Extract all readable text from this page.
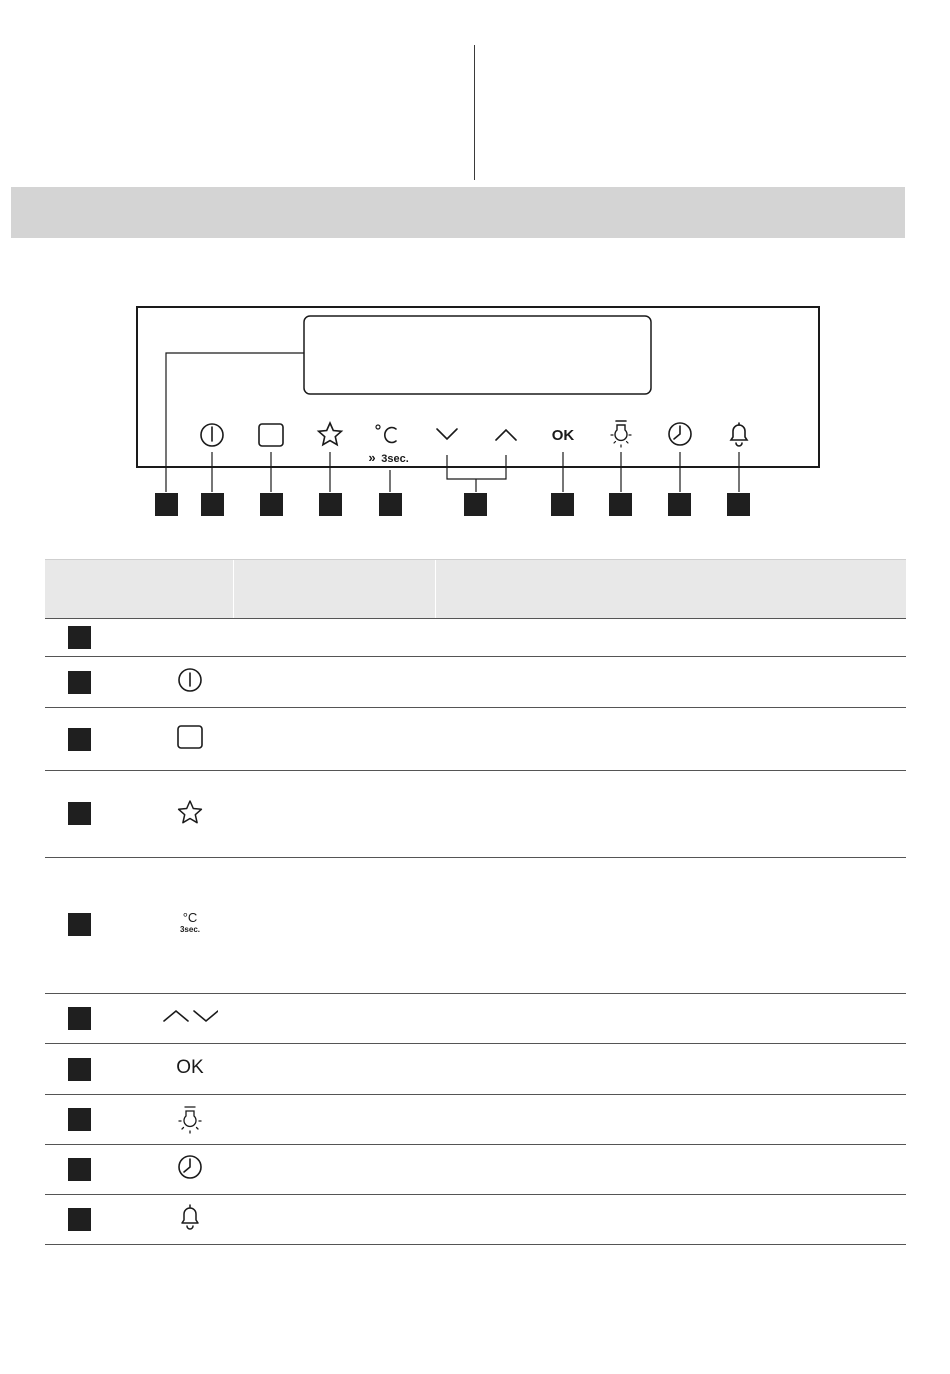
OK
» 3sec.
°C
3sec.
OK
